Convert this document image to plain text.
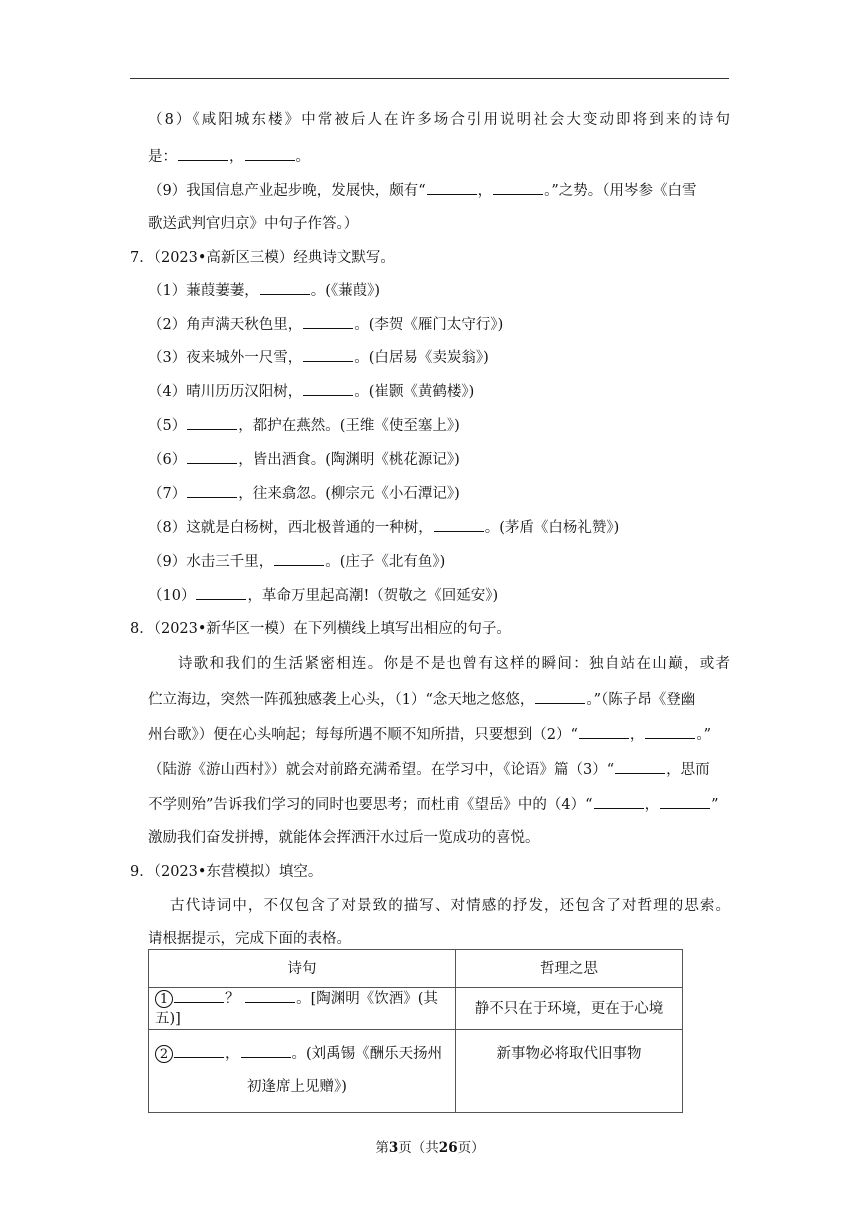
（8）《咸阳城东楼》中常被后人在许多场合引用说明社会大变动即将到来的诗句
是：	，	。
（9）我国信息产业起步晚，发展快，颇有“	，	。”之势。（用岑参《白雪
歌送武判官归京》中句子作答。）
7．（2023•高新区三模）经典诗文默写。
（1）蒹葭萋萋，	。(《蒹葭》)
（2）角声满天秋色里，	。(李贺《雁门太守行》)
（3）夜来城外一尺雪，	。(白居易《卖炭翁》)
（4）晴川历历汉阳树，	。(崔颢《黄鹤楼》)
（5）	，都护在燕然。(王维《使至塞上》)
（6）	，皆出酒食。(陶渊明《桃花源记》)
（7）	，往来翕忽。(柳宗元《小石潭记》)
（8）这就是白杨树，西北极普通的一种树，	。(茅盾《白杨礼赞》)
（9）水击三千里，	。(庄子《北有鱼》)
（10）	，革命万里起高潮!（贺敬之《回延安》)
8．（2023•新华区一模）在下列横线上填写出相应的句子。
诗歌和我们的生活紧密相连。你是不是也曾有这样的瞬间：独自站在山巅，或者
伫立海边，突然一阵孤独感袭上心头，（1）“念天地之悠悠，	。”（陈子昂《登幽
州台歌》）便在心头响起；每每所遇不顺不知所措，只要想到（2）“	，	。”
（陆游《游山西村》）就会对前路充满希望。在学习中，《论语》篇（3）“	，思而
不学则殆”告诉我们学习的同时也要思考；而杜甫《望岳》中的（4）“	，	”
激励我们奋发拼搏，就能体会挥洒汗水过后一览成功的喜悦。
9．（2023•东营模拟）填空。
古代诗词中，不仅包含了对景致的描写、对情感的抒发，还包含了对哲理的思索。
请根据提示，完成下面的表格。
诗句	哲理之思
1 ？ 。[陶渊明《饮酒》(其五)]	静不只在于环境，更在于心境
2 ， 。(刘禹锡《酬乐天扬州
初逢席上见赠》)	新事物必将取代旧事物
第3页（共26页）
